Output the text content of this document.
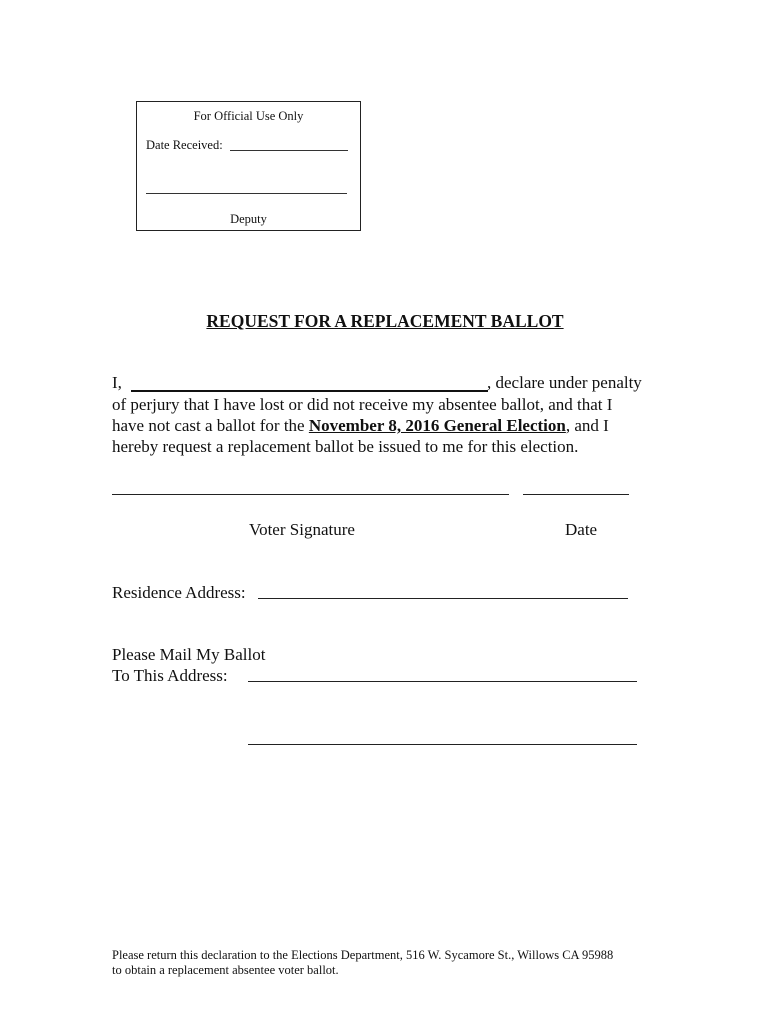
For Official Use Only
Date Received:
Deputy
REQUEST FOR A REPLACEMENT BALLOT
I,	, declare under penalty
of perjury that I have lost or did not receive my absentee ballot, and that I
have not cast a ballot for the November 8, 2016 General Election, and I
hereby request a replacement ballot be issued to me for this election.
Voter Signature	Date
Residence Address:
Please Mail My Ballot
To This Address:
Please return this declaration to the Elections Department, 516 W. Sycamore St., Willows CA 95988
to obtain a replacement absentee voter ballot.
